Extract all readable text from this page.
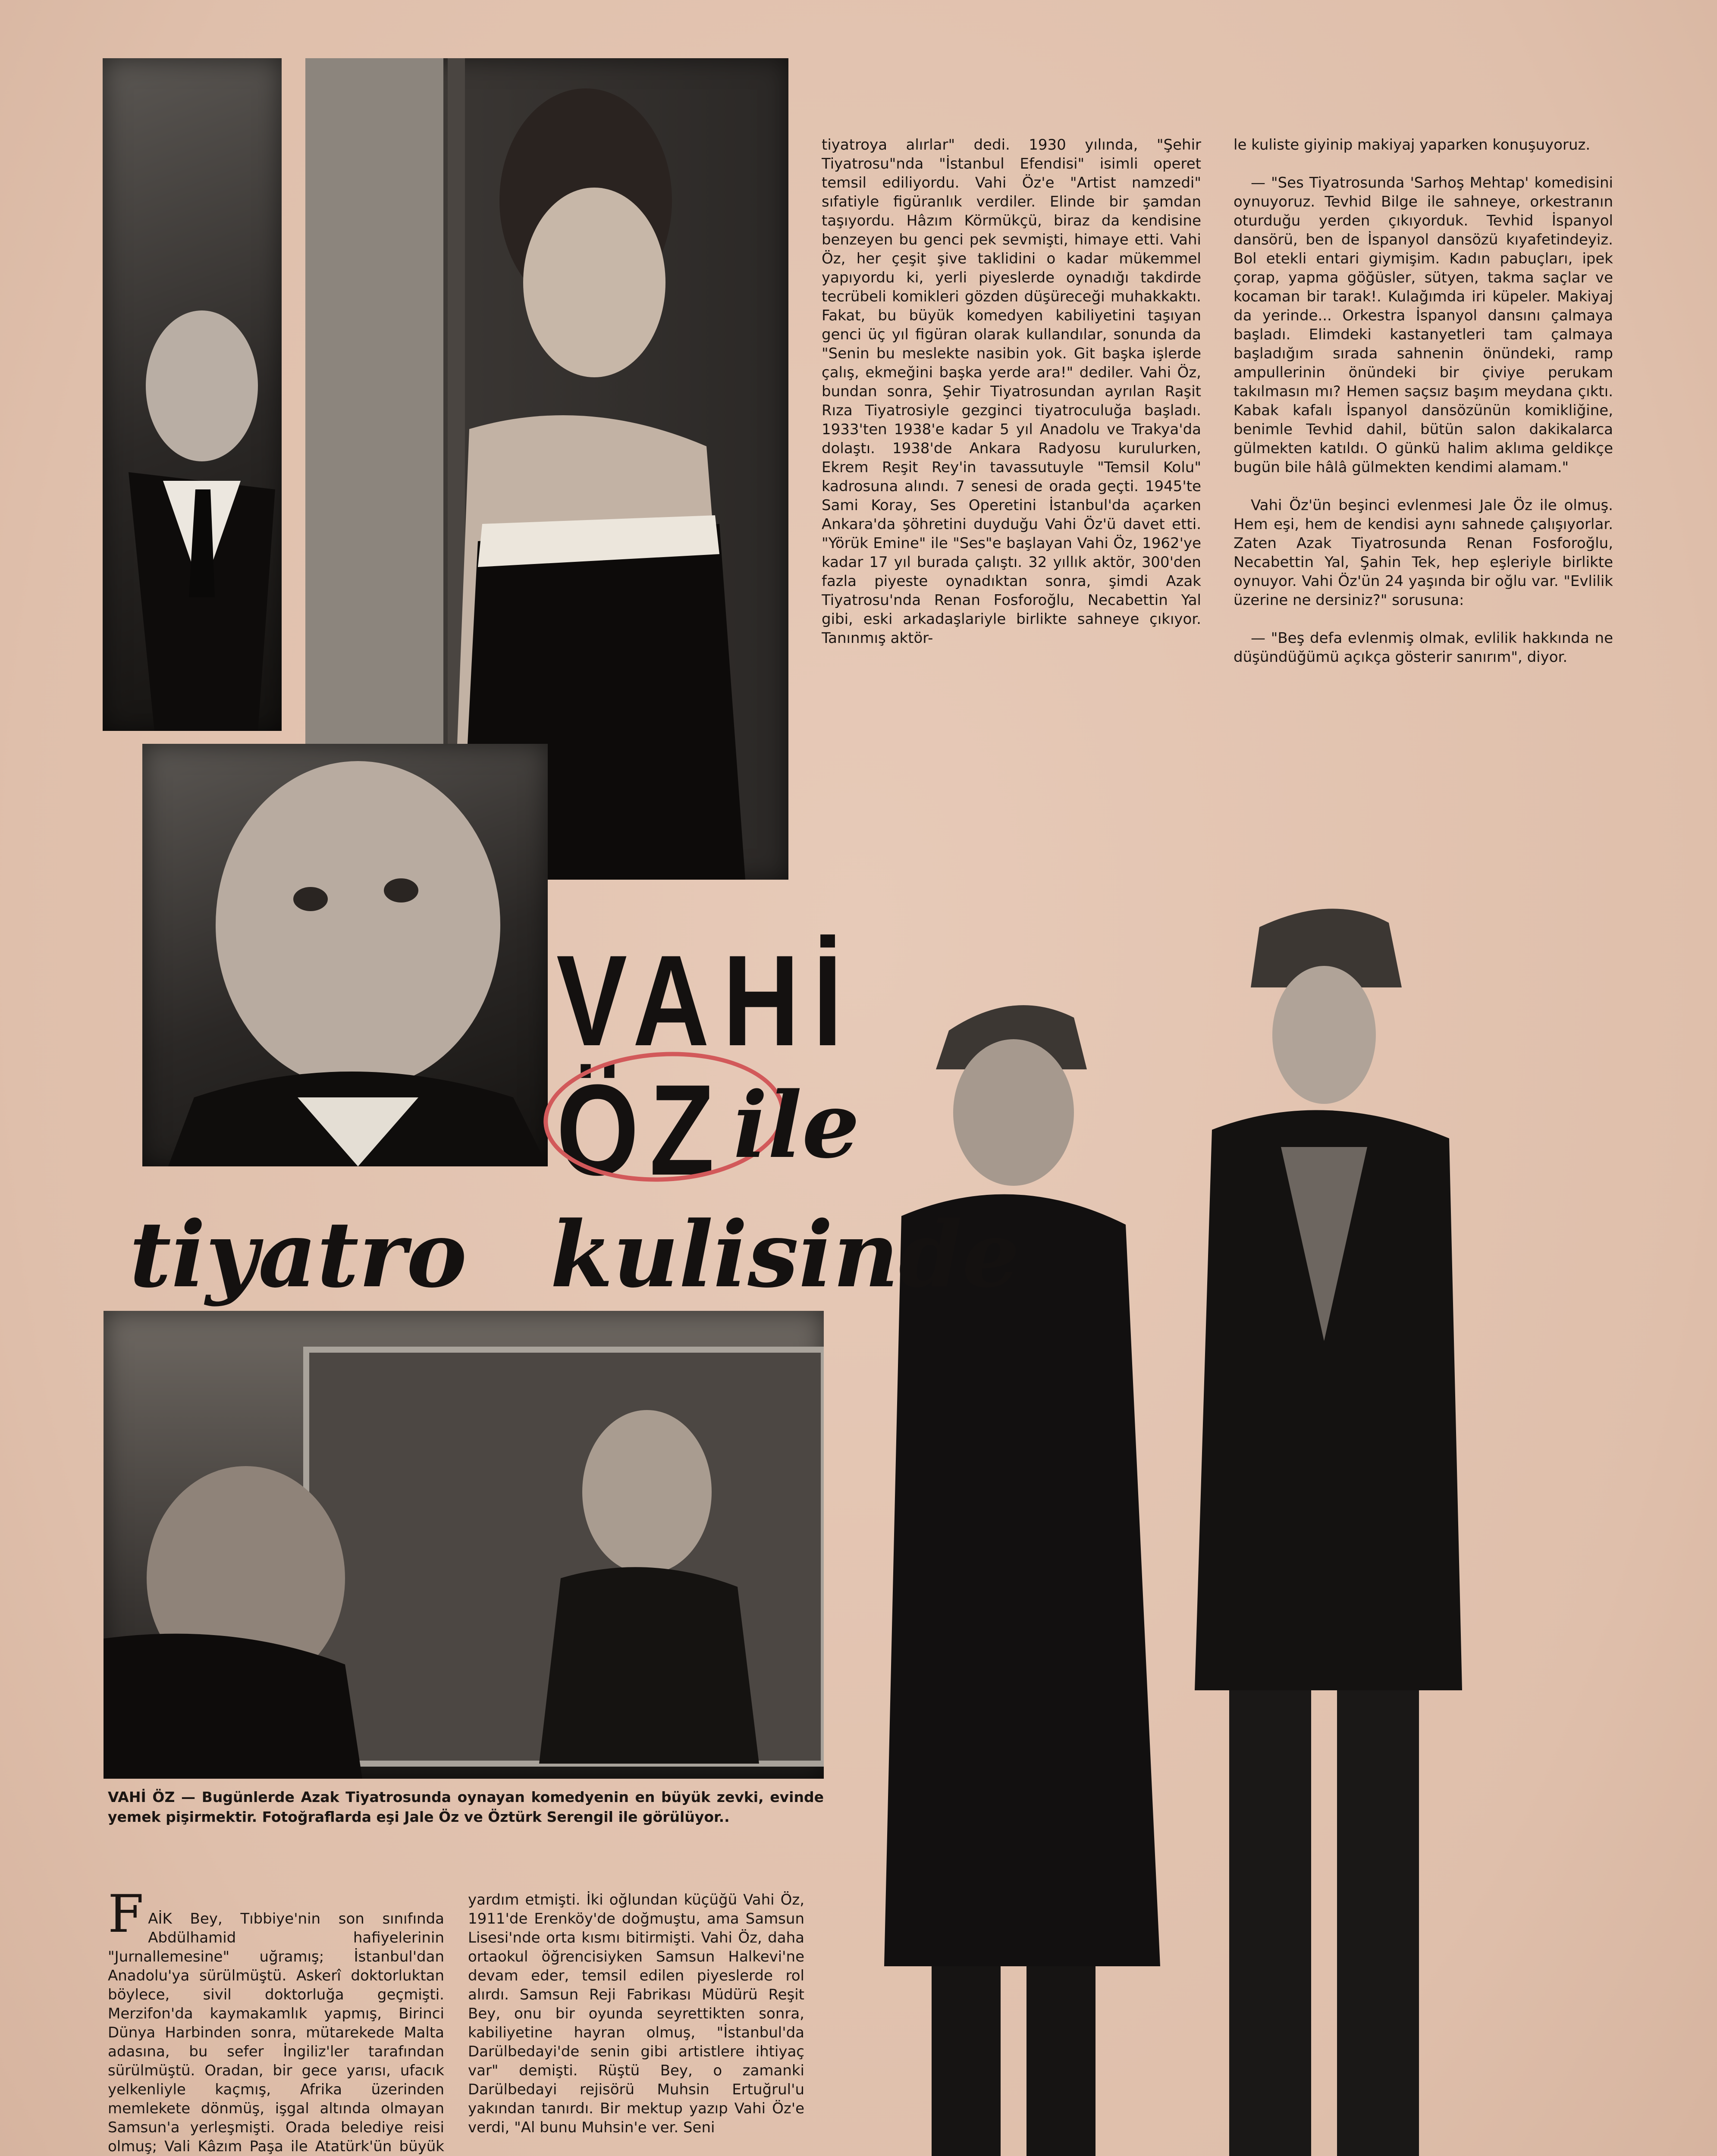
tiyatroya alırlar" dedi. 1930 yılında, "Şehir Tiyatrosu"nda "İstanbul Efendisi" isimli operet temsil ediliyordu. Vahi Öz'e "Artist namzedi" sıfatiyle figüranlık verdiler. Elinde bir şamdan taşıyordu. Hâzım Körmükçü, biraz da kendisine benzeyen bu genci pek sevmişti, himaye etti. Vahi Öz, her çeşit şive taklidini o kadar mükemmel yapıyordu ki, yerli piyeslerde oynadığı takdirde tecrübeli komikleri gözden düşüreceği muhakkaktı. Fakat, bu büyük komedyen kabiliyetini taşıyan genci üç yıl figüran olarak kullandılar, sonunda da "Senin bu meslekte nasibin yok. Git başka işlerde çalış, ekmeğini başka yerde ara!" dediler. Vahi Öz, bundan sonra, Şehir Tiyatrosundan ayrılan Raşit Rıza Tiyatrosiyle gezginci tiyatroculuğa başladı. 1933'ten 1938'e kadar 5 yıl Anadolu ve Trakya'da dolaştı. 1938'de Ankara Radyosu kurulurken, Ekrem Reşit Rey'in tavassutuyle "Temsil Kolu" kadrosuna alındı. 7 senesi de orada geçti. 1945'te Sami Koray, Ses Operetini İstanbul'da açarken Ankara'da şöhretini duyduğu Vahi Öz'ü davet etti. "Yörük Emine" ile "Ses"e başlayan Vahi Öz, 1962'ye kadar 17 yıl burada çalıştı. 32 yıllık aktör, 300'den fazla piyeste oynadıktan sonra, şimdi Azak Tiyatrosu'nda Renan Fosforoğlu, Necabettin Yal gibi, eski arkadaşlariyle birlikte sahneye çıkıyor. Tanınmış aktör-

le kuliste giyinip makiyaj yaparken konuşuyoruz.

— "Ses Tiyatrosunda 'Sarhoş Mehtap' komedisini oynuyoruz. Tevhid Bilge ile sahneye, orkestranın oturduğu yerden çıkıyorduk. Tevhid İspanyol dansörü, ben de İspanyol dansözü kıyafetindeyiz. Bol etekli entari giymişim. Kadın pabuçları, ipek çorap, yapma göğüsler, sütyen, takma saçlar ve kocaman bir tarak!. Kulağımda iri küpeler. Makiyaj da yerinde... Orkestra İspanyol dansını çalmaya başladı. Elimdeki kastanyetleri tam çalmaya başladığım sırada sahnenin önündeki, ramp ampullerinin önündeki bir çiviye perukam takılmasın mı? Hemen saçsız başım meydana çıktı. Kabak kafalı İspanyol dansözünün komikliğine, benimle Tevhid dahil, bütün salon dakikalarca gülmekten katıldı. O günkü halim aklıma geldikçe bugün bile hâlâ gülmekten kendimi alamam."

Vahi Öz'ün beşinci evlenmesi Jale Öz ile olmuş. Hem eşi, hem de kendisi aynı sahnede çalışıyorlar. Zaten Azak Tiyatrosunda Renan Fosforoğlu, Necabettin Yal, Şahin Tek, hep eşleriyle birlikte oynuyor. Vahi Öz'ün 24 yaşında bir oğlu var. "Evlilik üzerine ne dersiniz?" sorusuna:

— "Beş defa evlenmiş olmak, evlilik hakkında ne düşündüğümü açıkça gösterir sanırım", diyor.

VAHİ
ÖZ ile
tiyatro kulisinde
VAHİ ÖZ — Bugünlerde Azak Tiyatrosunda oynayan komedyenin en büyük zevki, evinde yemek pişirmektir. Fotoğraflarda eşi Jale Öz ve Öztürk Serengil ile görülüyor..

F AİK Bey, Tıbbiye'nin son sınıfında Abdülhamid hafiyelerinin "Jurnallemesine" uğramış; İstanbul'dan Anadolu'ya sürülmüştü. Askerî doktorluktan böylece, sivil doktorluğa geçmişti. Merzifon'da kaymakamlık yapmış, Birinci Dünya Harbinden sonra, mütarekede Malta adasına, bu sefer İngiliz'ler tarafından sürülmüştü. Oradan, bir gece yarısı, ufacık yelkenliyle kaçmış, Afrika üzerinden memlekete dönmüş, işgal altında olmayan Samsun'a yerleşmişti. Orada belediye reisi olmuş; Vali Kâzım Paşa ile Atatürk'ün büyük

yardım etmişti. İki oğlundan küçüğü Vahi Öz, 1911'de Erenköy'de doğmuştu, ama Samsun Lisesi'nde orta kısmı bitirmişti. Vahi Öz, daha ortaokul öğrencisiyken Samsun Halkevi'ne devam eder, temsil edilen piyeslerde rol alırdı. Samsun Reji Fabrikası Müdürü Reşit Bey, onu bir oyunda seyrettikten sonra, kabiliyetine hayran olmuş, "İstanbul'da Darülbedayi'de senin gibi artistlere ihtiyaç var" demişti. Rüştü Bey, o zamanki Darülbedayi rejisörü Muhsin Ertuğrul'u yakından tanırdı. Bir mektup yazıp Vahi Öz'e verdi, "Al bunu Muhsin'e ver. Seni
